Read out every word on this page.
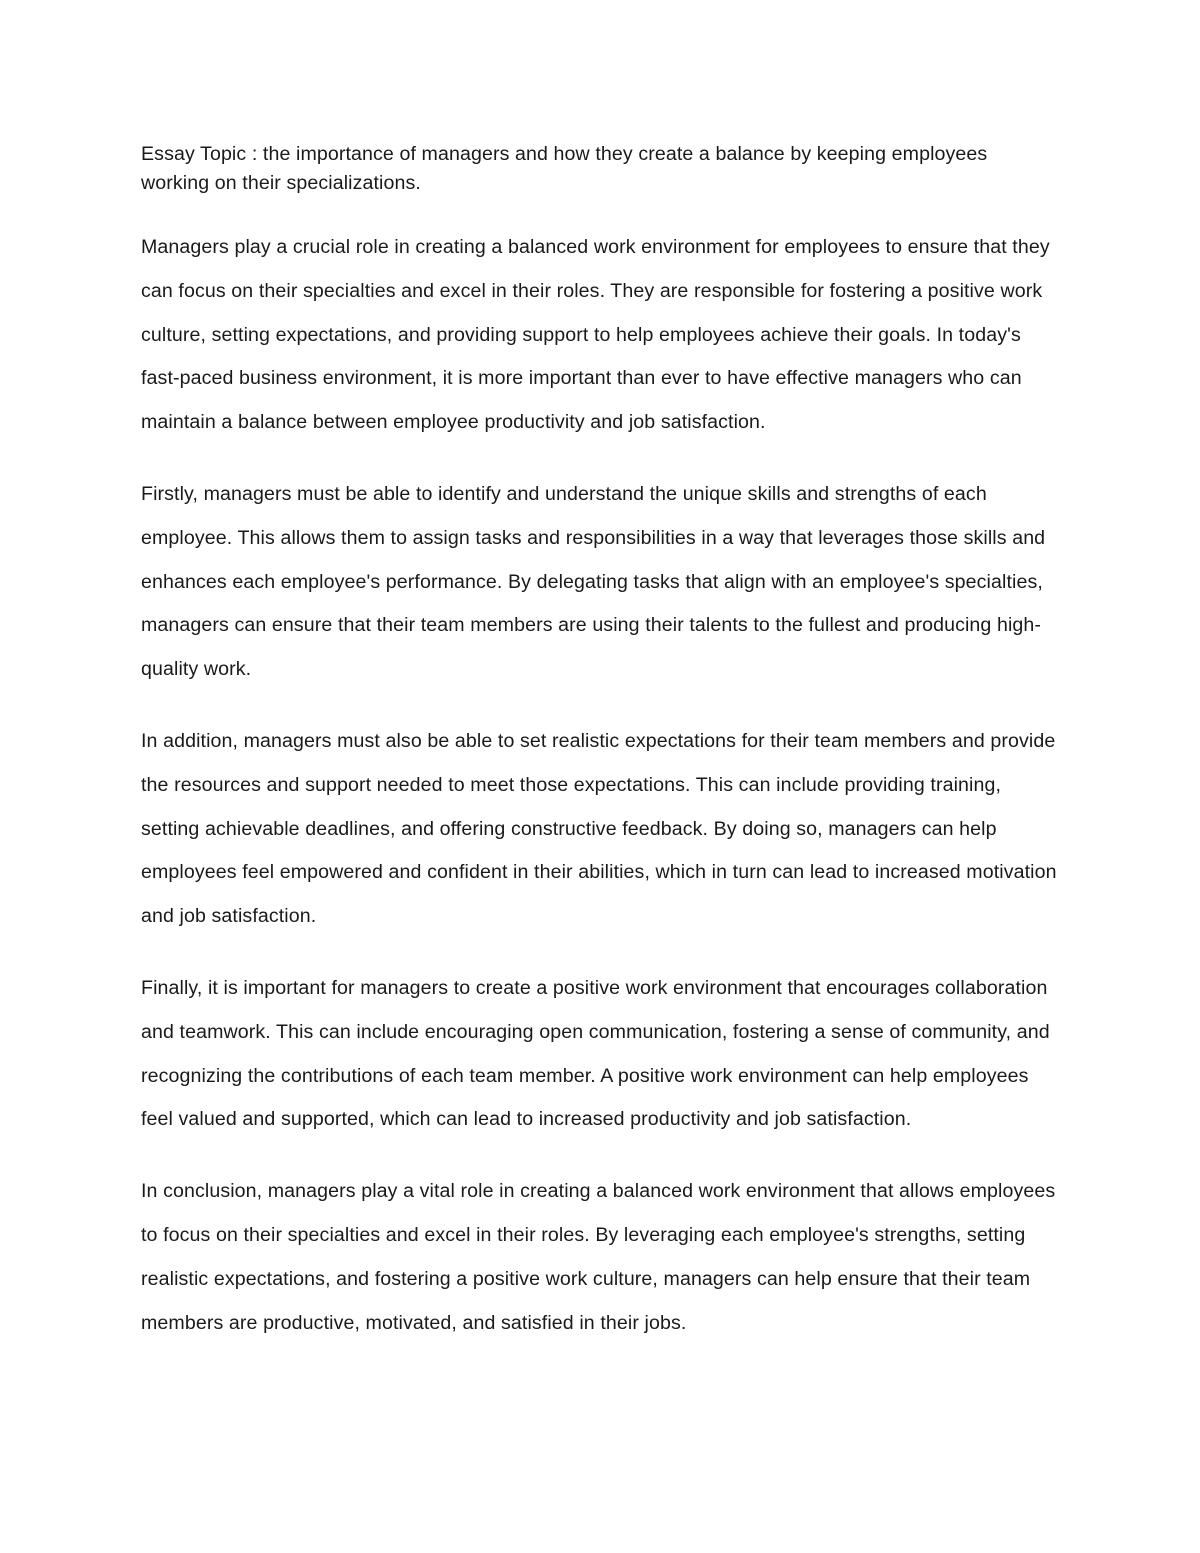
Essay Topic : the importance of managers and how they create a balance by keeping employees working on their specializations.

Managers play a crucial role in creating a balanced work environment for employees to ensure that they can focus on their specialties and excel in their roles. They are responsible for fostering a positive work culture, setting expectations, and providing support to help employees achieve their goals. In today's fast-paced business environment, it is more important than ever to have effective managers who can maintain a balance between employee productivity and job satisfaction.

Firstly, managers must be able to identify and understand the unique skills and strengths of each employee. This allows them to assign tasks and responsibilities in a way that leverages those skills and enhances each employee's performance. By delegating tasks that align with an employee's specialties, managers can ensure that their team members are using their talents to the fullest and producing high-quality work.

In addition, managers must also be able to set realistic expectations for their team members and provide the resources and support needed to meet those expectations. This can include providing training, setting achievable deadlines, and offering constructive feedback. By doing so, managers can help employees feel empowered and confident in their abilities, which in turn can lead to increased motivation and job satisfaction.

Finally, it is important for managers to create a positive work environment that encourages collaboration and teamwork. This can include encouraging open communication, fostering a sense of community, and recognizing the contributions of each team member. A positive work environment can help employees feel valued and supported, which can lead to increased productivity and job satisfaction.

In conclusion, managers play a vital role in creating a balanced work environment that allows employees to focus on their specialties and excel in their roles. By leveraging each employee's strengths, setting realistic expectations, and fostering a positive work culture, managers can help ensure that their team members are productive, motivated, and satisfied in their jobs.
